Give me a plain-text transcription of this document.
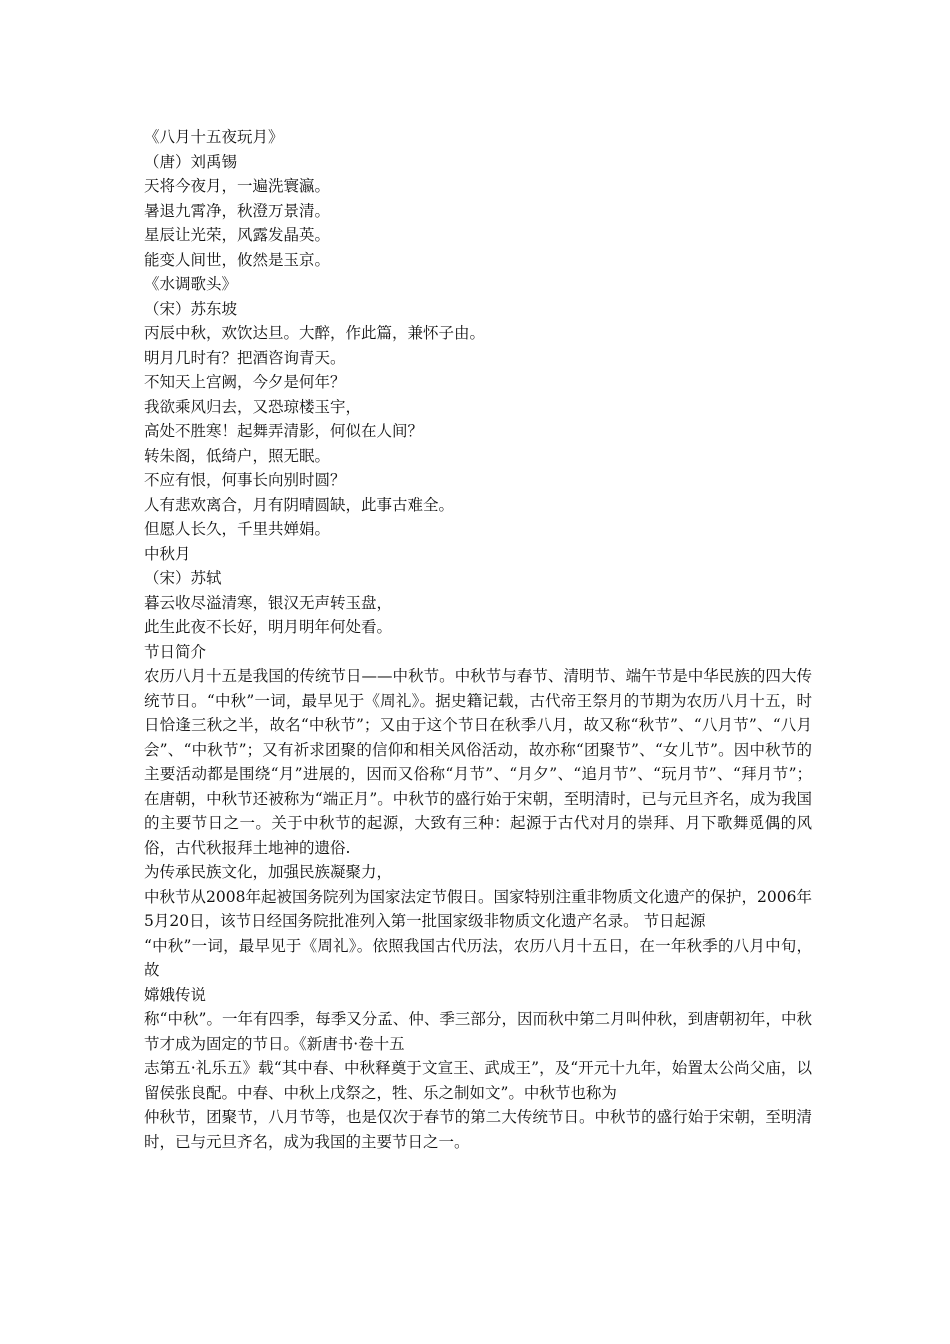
《八月十五夜玩月》
（唐）刘禹锡
天将今夜月，一遍洗寰瀛。
暑退九霄净，秋澄万景清。
星辰让光荣，风露发晶英。
能变人间世，攸然是玉京。
《水调歌头》
（宋）苏东坡
丙辰中秋，欢饮达旦。大醉，作此篇，兼怀子由。
明月几时有？把酒咨询青天。
不知天上宫阙，今夕是何年？
我欲乘风归去，又恐琼楼玉宇，
高处不胜寒！起舞弄清影，何似在人间？
转朱阁，低绮户，照无眠。
不应有恨，何事长向别时圆？
人有悲欢离合，月有阴晴圆缺，此事古难全。
但愿人长久，千里共婵娟。
中秋月
（宋）苏轼
暮云收尽溢清寒，银汉无声转玉盘，
此生此夜不长好，明月明年何处看。
节日简介

农历八月十五是我国的传统节日——中秋节。中秋节与春节、清明节、端午节是中华民族的四大传统节日。“中秋”一词，最早见于《周礼》。据史籍记载，古代帝王祭月的节期为农历八月十五，时日恰逢三秋之半，故名“中秋节”；又由于这个节日在秋季八月，故又称“秋节”、“八月节”、“八月会”、“中秋节”；又有祈求团聚的信仰和相关风俗活动，故亦称“团聚节”、“女儿节”。因中秋节的主要活动都是围绕“月”进展的，因而又俗称“月节”、“月夕”、“追月节”、“玩月节”、“拜月节”；在唐朝，中秋节还被称为“端正月”。中秋节的盛行始于宋朝，至明清时，已与元旦齐名，成为我国的主要节日之一。关于中秋节的起源，大致有三种：起源于古代对月的崇拜、月下歌舞觅偶的风俗，古代秋报拜土地神的遗俗.

为传承民族文化，加强民族凝聚力，

中秋节从2008年起被国务院列为国家法定节假日。国家特别注重非物质文化遗产的保护，2006年5月20日，该节日经国务院批准列入第一批国家级非物质文化遗产名录。 节日起源

“中秋”一词，最早见于《周礼》。依照我国古代历法，农历八月十五日，在一年秋季的八月中旬，故

嫦娥传说

称“中秋”。一年有四季，每季又分孟、仲、季三部分，因而秋中第二月叫仲秋，到唐朝初年，中秋节才成为固定的节日。《新唐书·卷十五

志第五·礼乐五》载“其中春、中秋释奠于文宣王、武成王”，及“开元十九年，始置太公尚父庙，以留侯张良配。中春、中秋上戊祭之，牲、乐之制如文”。中秋节也称为

仲秋节，团聚节，八月节等，也是仅次于春节的第二大传统节日。中秋节的盛行始于宋朝，至明清时，已与元旦齐名，成为我国的主要节日之一。
